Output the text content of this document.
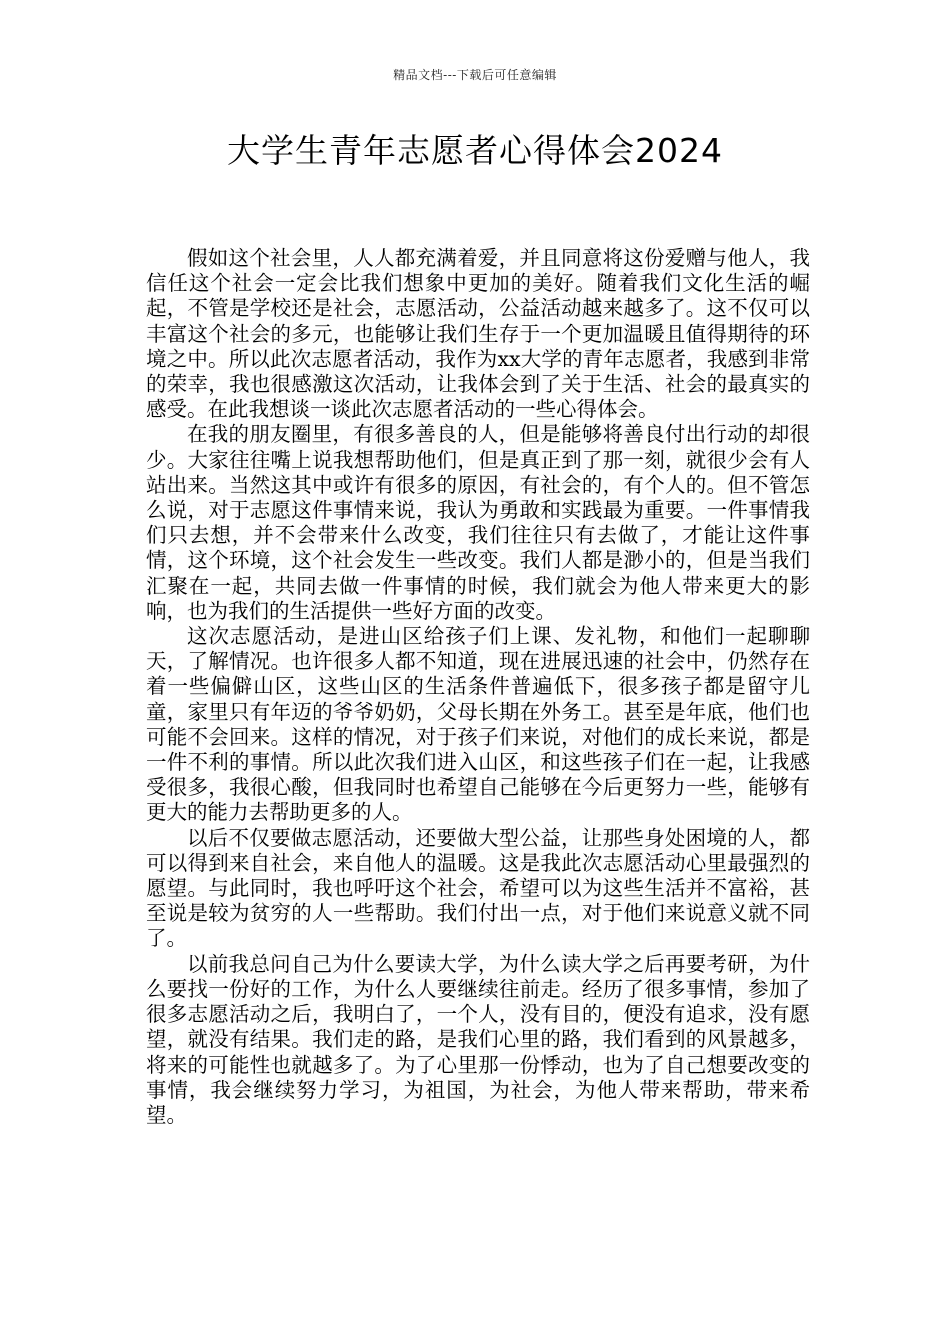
精品文档---下载后可任意编辑
大学生青年志愿者心得体会2024

假如这个社会里，人人都充满着爱，并且同意将这份爱赠与他人，我信任这个社会一定会比我们想象中更加的美好。随着我们文化生活的崛起，不管是学校还是社会，志愿活动，公益活动越来越多了。这不仅可以丰富这个社会的多元，也能够让我们生存于一个更加温暖且值得期待的环境之中。所以此次志愿者活动，我作为xx大学的青年志愿者，我感到非常的荣幸，我也很感激这次活动，让我体会到了关于生活、社会的最真实的感受。在此我想谈一谈此次志愿者活动的一些心得体会。

在我的朋友圈里，有很多善良的人，但是能够将善良付出行动的却很少。大家往往嘴上说我想帮助他们，但是真正到了那一刻，就很少会有人站出来。当然这其中或许有很多的原因，有社会的，有个人的。但不管怎么说，对于志愿这件事情来说，我认为勇敢和实践最为重要。一件事情我们只去想，并不会带来什么改变，我们往往只有去做了，才能让这件事情，这个环境，这个社会发生一些改变。我们人都是渺小的，但是当我们汇聚在一起，共同去做一件事情的时候，我们就会为他人带来更大的影响，也为我们的生活提供一些好方面的改变。

这次志愿活动，是进山区给孩子们上课、发礼物，和他们一起聊聊天，了解情况。也许很多人都不知道，现在进展迅速的社会中，仍然存在着一些偏僻山区，这些山区的生活条件普遍低下，很多孩子都是留守儿童，家里只有年迈的爷爷奶奶，父母长期在外务工。甚至是年底，他们也可能不会回来。这样的情况，对于孩子们来说，对他们的成长来说，都是一件不利的事情。所以此次我们进入山区，和这些孩子们在一起，让我感受很多，我很心酸，但我同时也希望自己能够在今后更努力一些，能够有更大的能力去帮助更多的人。

以后不仅要做志愿活动，还要做大型公益，让那些身处困境的人，都可以得到来自社会，来自他人的温暖。这是我此次志愿活动心里最强烈的愿望。与此同时，我也呼吁这个社会，希望可以为这些生活并不富裕，甚至说是较为贫穷的人一些帮助。我们付出一点，对于他们来说意义就不同了。

以前我总问自己为什么要读大学，为什么读大学之后再要考研，为什么要找一份好的工作，为什么人要继续往前走。经历了很多事情，参加了很多志愿活动之后，我明白了，一个人，没有目的，便没有追求，没有愿望，就没有结果。我们走的路，是我们心里的路，我们看到的风景越多，将来的可能性也就越多了。为了心里那一份悸动，也为了自己想要改变的事情，我会继续努力学习，为祖国，为社会，为他人带来帮助，带来希望。
